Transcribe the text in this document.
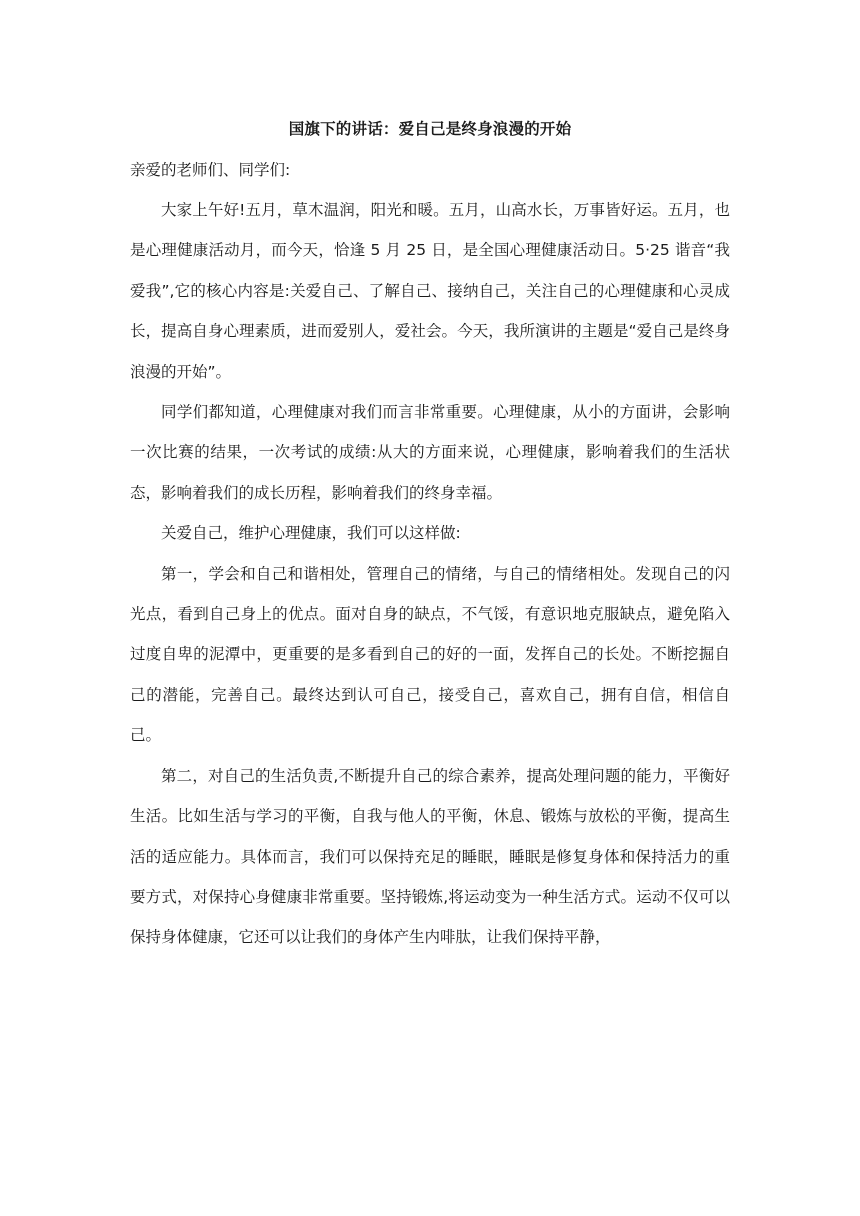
国旗下的讲话：爱自己是终身浪漫的开始

亲爱的老师们、同学们:

大家上午好!五月，草木温润，阳光和暖。五月，山高水长，万事皆好运。五月，也是心理健康活动月，而今天，恰逢 5 月 25 日，是全国心理健康活动日。5·25 谐音“我爱我”,它的核心内容是:关爱自己、了解自己、接纳自己，关注自己的心理健康和心灵成长，提高自身心理素质，进而爱别人，爱社会。今天，我所演讲的主题是“爱自己是终身浪漫的开始”。

同学们都知道，心理健康对我们而言非常重要。心理健康，从小的方面讲，会影响一次比赛的结果，一次考试的成绩:从大的方面来说，心理健康，影响着我们的生活状态，影响着我们的成长历程，影响着我们的终身幸福。

关爱自己，维护心理健康，我们可以这样做:

第一，学会和自己和谐相处，管理自己的情绪，与自己的情绪相处。发现自己的闪光点，看到自己身上的优点。面对自身的缺点，不气馁，有意识地克服缺点，避免陷入过度自卑的泥潭中，更重要的是多看到自己的好的一面，发挥自己的长处。不断挖掘自己的潜能，完善自己。最终达到认可自己，接受自己，喜欢自己，拥有自信，相信自己。

第二，对自己的生活负责,不断提升自己的综合素养，提高处理问题的能力，平衡好生活。比如生活与学习的平衡，自我与他人的平衡，休息、锻炼与放松的平衡，提高生活的适应能力。具体而言，我们可以保持充足的睡眠，睡眠是修复身体和保持活力的重要方式，对保持心身健康非常重要。坚持锻炼,将运动变为一种生活方式。运动不仅可以保持身体健康，它还可以让我们的身体产生内啡肽，让我们保持平静，
